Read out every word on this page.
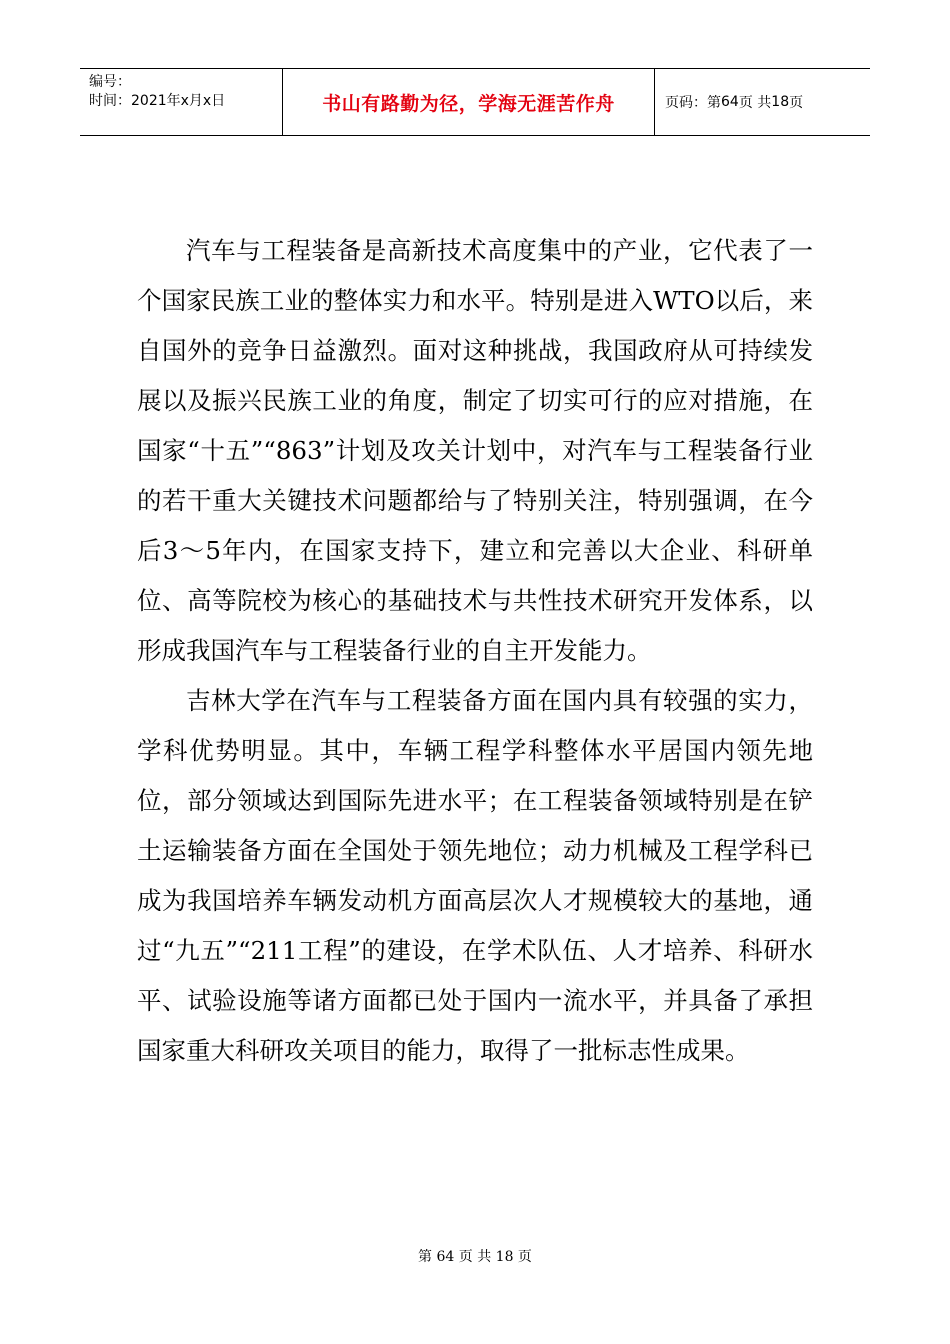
编号：
时间：2021年x月x日	书山有路勤为径，学海无涯苦作舟	页码：第 64 页 共 18 页

汽车与工程装备是高新技术高度集中的产业，它代表了一个国家民族工业的整体实力和水平。特别是进入WTO以后，来自国外的竞争日益激烈。面对这种挑战，我国政府从可持续发展以及振兴民族工业的角度，制定了切实可行的应对措施，在国家“十五”“863”计划及攻关计划中，对汽车与工程装备行业的若干重大关键技术问题都给与了特别关注，特别强调，在今后3～5年内，在国家支持下，建立和完善以大企业、科研单位、高等院校为核心的基础技术与共性技术研究开发体系，以形成我国汽车与工程装备行业的自主开发能力。

吉林大学在汽车与工程装备方面在国内具有较强的实力，学科优势明显。其中，车辆工程学科整体水平居国内领先地位，部分领域达到国际先进水平；在工程装备领域特别是在铲土运输装备方面在全国处于领先地位；动力机械及工程学科已成为我国培养车辆发动机方面高层次人才规模较大的基地，通过“九五”“211工程”的建设，在学术队伍、人才培养、科研水平、试验设施等诸方面都已处于国内一流水平，并具备了承担国家重大科研攻关项目的能力，取得了一批标志性成果。

第 64 页 共 18 页
